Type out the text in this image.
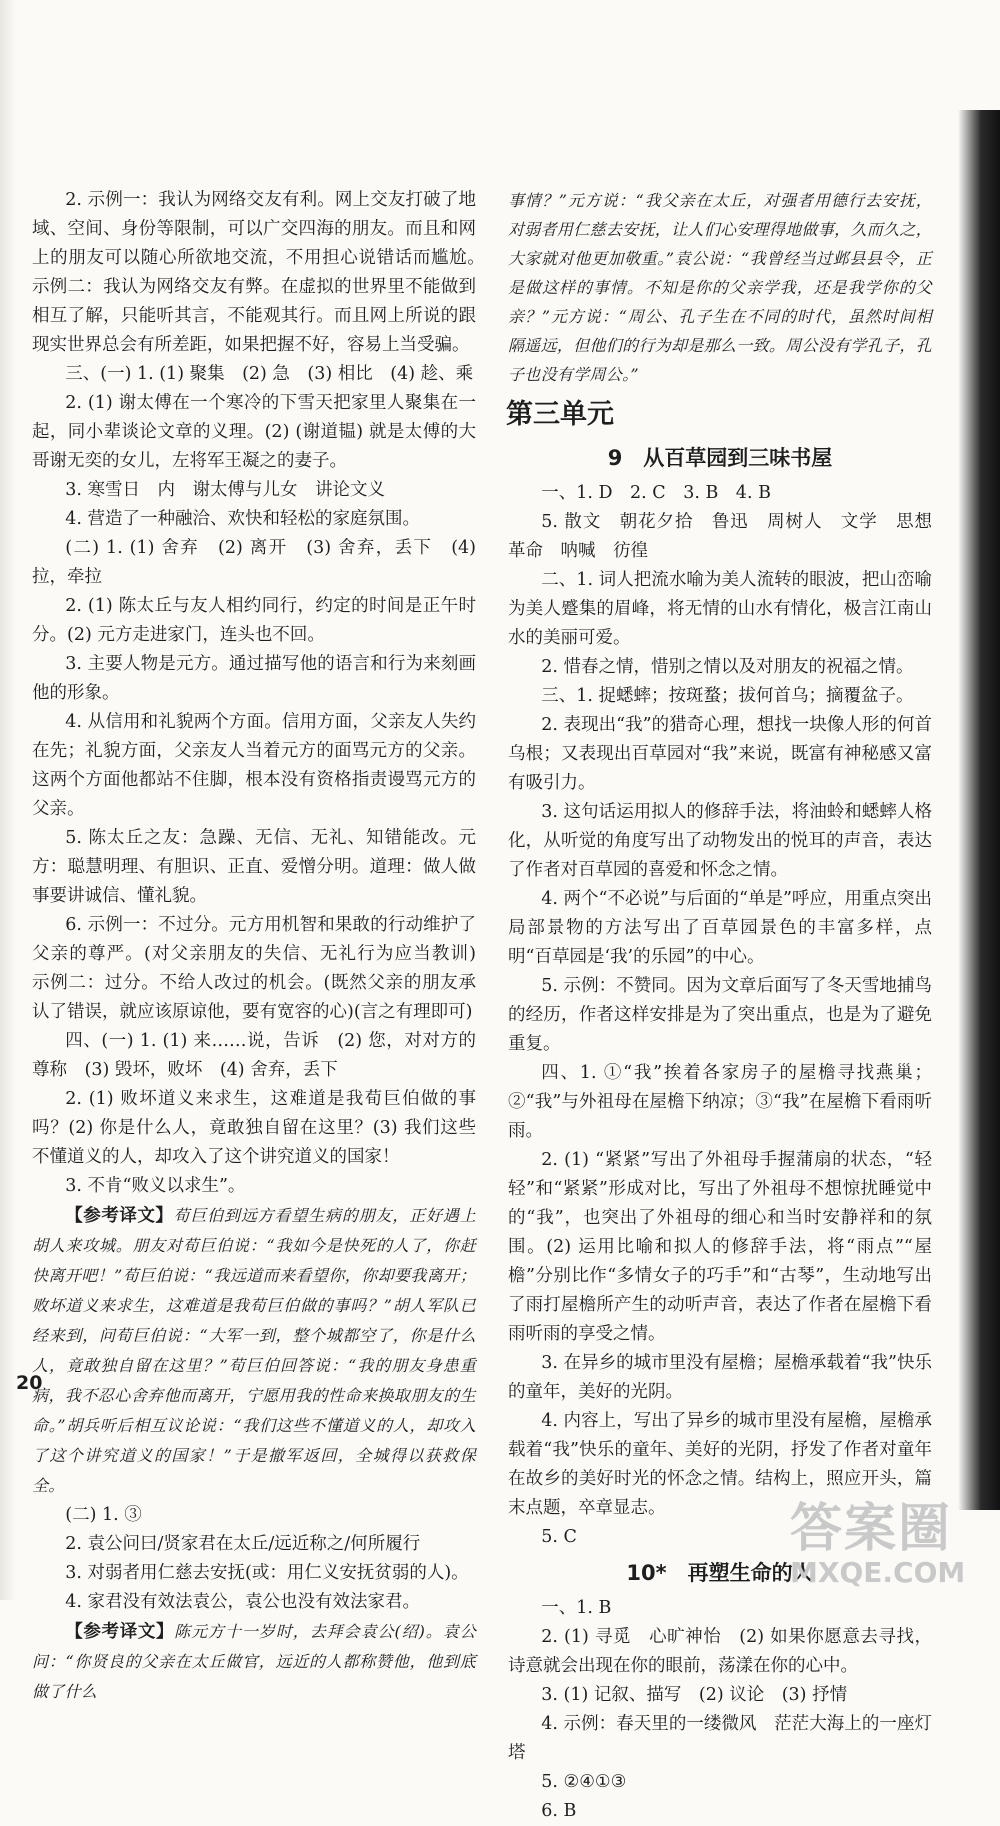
2. 示例一：我认为网络交友有利。网上交友打破了地域、空间、身份等限制，可以广交四海的朋友。而且和网上的朋友可以随心所欲地交流，不用担心说错话而尴尬。　示例二：我认为网络交友有弊。在虚拟的世界里不能做到相互了解，只能听其言，不能观其行。而且网上所说的跟现实世界总会有所差距，如果把握不好，容易上当受骗。

三、(一) 1. (1) 聚集　(2) 急　(3) 相比　(4) 趁、乘

2. (1) 谢太傅在一个寒冷的下雪天把家里人聚集在一起，同小辈谈论文章的义理。(2) (谢道韫) 就是太傅的大哥谢无奕的女儿，左将军王凝之的妻子。

3. 寒雪日　内　谢太傅与儿女　讲论文义

4. 营造了一种融洽、欢快和轻松的家庭氛围。

(二) 1. (1) 舍弃　(2) 离开　(3) 舍弃，丢下　(4) 拉，牵拉

2. (1) 陈太丘与友人相约同行，约定的时间是正午时分。(2) 元方走进家门，连头也不回。

3. 主要人物是元方。通过描写他的语言和行为来刻画他的形象。

4. 从信用和礼貌两个方面。信用方面，父亲友人失约在先；礼貌方面，父亲友人当着元方的面骂元方的父亲。这两个方面他都站不住脚，根本没有资格指责谩骂元方的父亲。

5. 陈太丘之友：急躁、无信、无礼、知错能改。元方：聪慧明理、有胆识、正直、爱憎分明。道理：做人做事要讲诚信、懂礼貌。

6. 示例一：不过分。元方用机智和果敢的行动维护了父亲的尊严。(对父亲朋友的失信、无礼行为应当教训)　示例二：过分。不给人改过的机会。(既然父亲的朋友承认了错误，就应该原谅他，要有宽容的心)(言之有理即可)

四、(一) 1. (1) 来……说，告诉　(2) 您，对对方的尊称　(3) 毁坏，败坏　(4) 舍弃，丢下

2. (1) 败坏道义来求生，这难道是我荀巨伯做的事吗？(2) 你是什么人，竟敢独自留在这里？(3) 我们这些不懂道义的人，却攻入了这个讲究道义的国家！

3. 不肯“败义以求生”。

【参考译文】荀巨伯到远方看望生病的朋友，正好遇上胡人来攻城。朋友对荀巨伯说：“我如今是快死的人了，你赶快离开吧！”荀巨伯说：“我远道而来看望你，你却要我离开；败坏道义来求生，这难道是我荀巨伯做的事吗？”胡人军队已经来到，问荀巨伯说：“大军一到，整个城都空了，你是什么人，竟敢独自留在这里？”荀巨伯回答说：“我的朋友身患重病，我不忍心舍弃他而离开，宁愿用我的性命来换取朋友的生命。”胡兵听后相互议论说：“我们这些不懂道义的人，却攻入了这个讲究道义的国家！”于是撤军返回，全城得以获救保全。

(二) 1. ③

2. 袁公问曰/贤家君在太丘/远近称之/何所履行

3. 对弱者用仁慈去安抚(或：用仁义安抚贫弱的人)。

4. 家君没有效法袁公，袁公也没有效法家君。

【参考译文】陈元方十一岁时，去拜会袁公(绍)。袁公问：“你贤良的父亲在太丘做官，远近的人都称赞他，他到底做了什么

事情？”元方说：“我父亲在太丘，对强者用德行去安抚，对弱者用仁慈去安抚，让人们心安理得地做事，久而久之，大家就对他更加敬重。”袁公说：“我曾经当过邺县县令，正是做这样的事情。不知是你的父亲学我，还是我学你的父亲？”元方说：“周公、孔子生在不同的时代，虽然时间相隔遥远，但他们的行为却是那么一致。周公没有学孔子，孔子也没有学周公。”

第三单元
9　从百草园到三味书屋

一、1. D　2. C　3. B　4. B

5. 散文　朝花夕拾　鲁迅　周树人　文学　思想　革命　呐喊　彷徨

二、1. 词人把流水喻为美人流转的眼波，把山峦喻为美人蹙集的眉峰，将无情的山水有情化，极言江南山水的美丽可爱。

2. 惜春之情，惜别之情以及对朋友的祝福之情。

三、1. 捉蟋蟀；按斑蝥；拔何首乌；摘覆盆子。

2. 表现出“我”的猎奇心理，想找一块像人形的何首乌根；又表现出百草园对“我”来说，既富有神秘感又富有吸引力。

3. 这句话运用拟人的修辞手法，将油蛉和蟋蟀人格化，从听觉的角度写出了动物发出的悦耳的声音，表达了作者对百草园的喜爱和怀念之情。

4. 两个“不必说”与后面的“单是”呼应，用重点突出局部景物的方法写出了百草园景色的丰富多样，点明“百草园是‘我’的乐园”的中心。

5. 示例：不赞同。因为文章后面写了冬天雪地捕鸟的经历，作者这样安排是为了突出重点，也是为了避免重复。

四、1. ①“我”挨着各家房子的屋檐寻找燕巢；②“我”与外祖母在屋檐下纳凉；③“我”在屋檐下看雨听雨。

2. (1) “紧紧”写出了外祖母手握蒲扇的状态，“轻轻”和“紧紧”形成对比，写出了外祖母不想惊扰睡觉中的“我”，也突出了外祖母的细心和当时安静祥和的氛围。(2) 运用比喻和拟人的修辞手法，将“雨点”“屋檐”分别比作“多情女子的巧手”和“古琴”，生动地写出了雨打屋檐所产生的动听声音，表达了作者在屋檐下看雨听雨的享受之情。

3. 在异乡的城市里没有屋檐；屋檐承载着“我”快乐的童年，美好的光阴。

4. 内容上，写出了异乡的城市里没有屋檐，屋檐承载着“我”快乐的童年、美好的光阴，抒发了作者对童年在故乡的美好时光的怀念之情。结构上，照应开头，篇末点题，卒章显志。

5. C

10*　再塑生命的人

一、1. B

2. (1) 寻觅　心旷神怡　(2) 如果你愿意去寻找，诗意就会出现在你的眼前，荡漾在你的心中。

3. (1) 记叙、描写　(2) 议论　(3) 抒情

4. 示例：春天里的一缕微风　茫茫大海上的一座灯塔

5. ②④①③

6. B

20
答案圈
MXQE.COM
